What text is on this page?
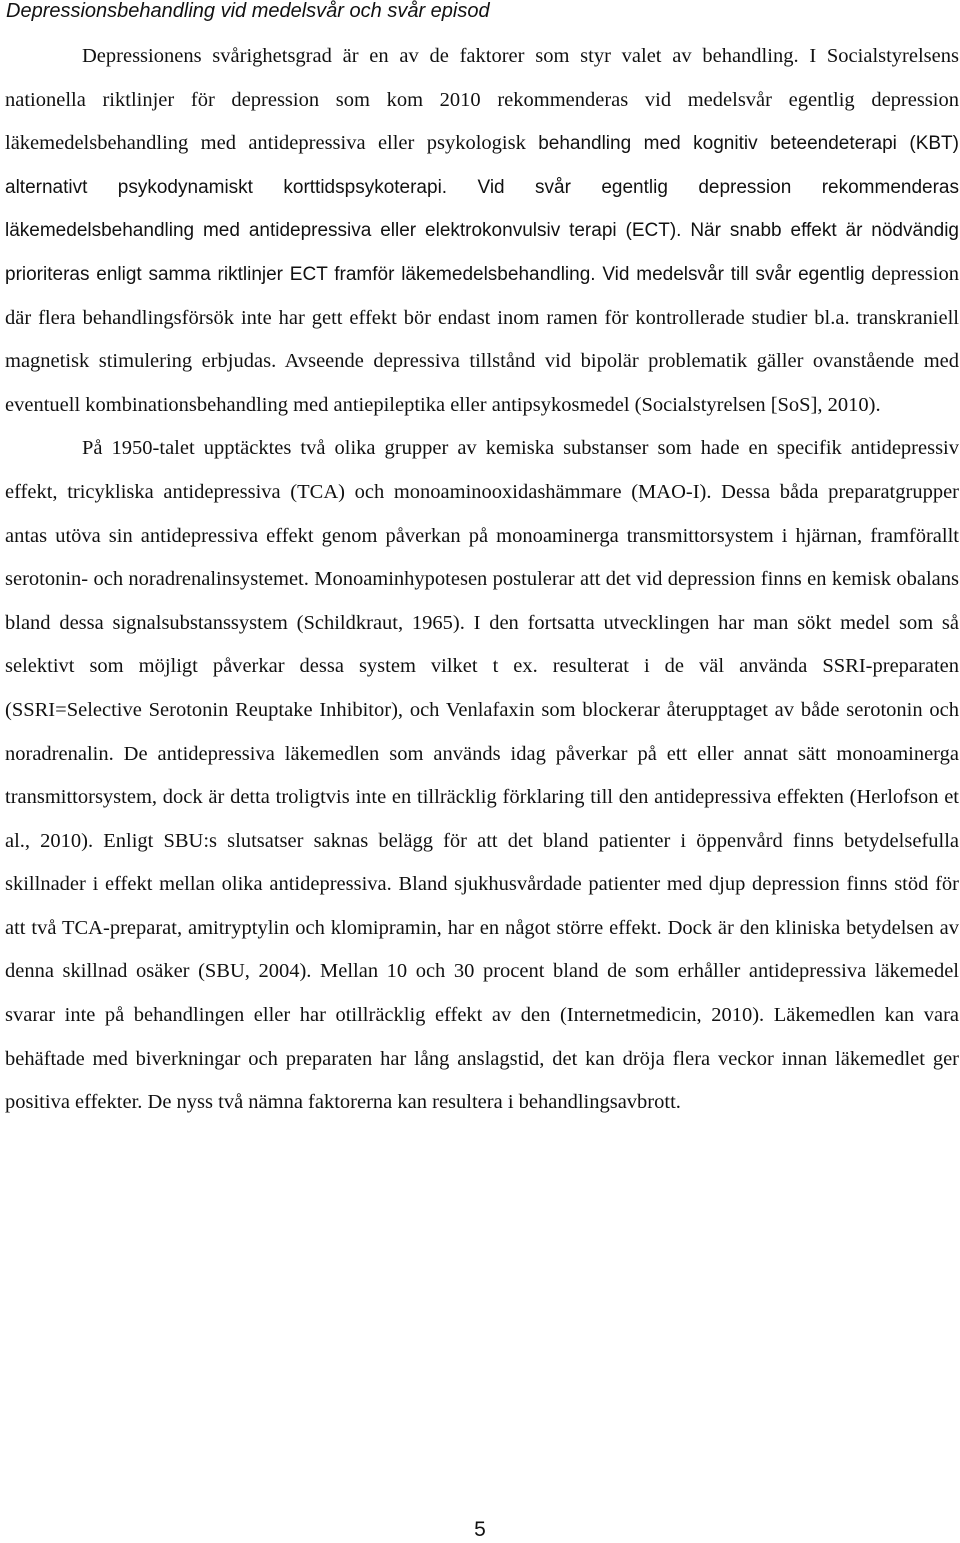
Depressionsbehandling vid medelsvår och svår episod

Depressionens svårighetsgrad är en av de faktorer som styr valet av behandling. I Socialstyrelsens nationella riktlinjer för depression som kom 2010 rekommenderas vid medelsvår egentlig depression läkemedelsbehandling med antidepressiva eller psykologisk behandling med kognitiv beteendeterapi (KBT) alternativt psykodynamiskt korttidspsykoterapi. Vid svår egentlig depression rekommenderas läkemedelsbehandling med antidepressiva eller elektrokonvulsiv terapi (ECT). När snabb effekt är nödvändig prioriteras enligt samma riktlinjer ECT framför läkemedelsbehandling. Vid medelsvår till svår egentlig depression där flera behandlingsförsök inte har gett effekt bör endast inom ramen för kontrollerade studier bl.a. transkraniell magnetisk stimulering erbjudas. Avseende depressiva tillstånd vid bipolär problematik gäller ovanstående med eventuell kombinationsbehandling med antiepileptika eller antipsykosmedel (Socialstyrelsen [SoS], 2010).

På 1950-talet upptäcktes två olika grupper av kemiska substanser som hade en specifik antidepressiv effekt, tricykliska antidepressiva (TCA) och monoaminooxidashämmare (MAO-I). Dessa båda preparatgrupper antas utöva sin antidepressiva effekt genom påverkan på monoaminerga transmittorsystem i hjärnan, framförallt serotonin- och noradrenalinsystemet. Monoaminhypotesen postulerar att det vid depression finns en kemisk obalans bland dessa signalsubstanssystem (Schildkraut, 1965). I den fortsatta utvecklingen har man sökt medel som så selektivt som möjligt påverkar dessa system vilket t ex. resulterat i de väl använda SSRI-preparaten (SSRI=Selective Serotonin Reuptake Inhibitor), och Venlafaxin som blockerar återupptaget av både serotonin och noradrenalin. De antidepressiva läkemedlen som används idag påverkar på ett eller annat sätt monoaminerga transmittorsystem, dock är detta troligtvis inte en tillräcklig förklaring till den antidepressiva effekten (Herlofson et al., 2010). Enligt SBU:s slutsatser saknas belägg för att det bland patienter i öppenvård finns betydelsefulla skillnader i effekt mellan olika antidepressiva. Bland sjukhusvårdade patienter med djup depression finns stöd för att två TCA-preparat, amitryptylin och klomipramin, har en något större effekt. Dock är den kliniska betydelsen av denna skillnad osäker (SBU, 2004). Mellan 10 och 30 procent bland de som erhåller antidepressiva läkemedel svarar inte på behandlingen eller har otillräcklig effekt av den (Internetmedicin, 2010). Läkemedlen kan vara behäftade med biverkningar och preparaten har lång anslagstid, det kan dröja flera veckor innan läkemedlet ger positiva effekter. De nyss två nämna faktorerna kan resultera i behandlingsavbrott.

5
